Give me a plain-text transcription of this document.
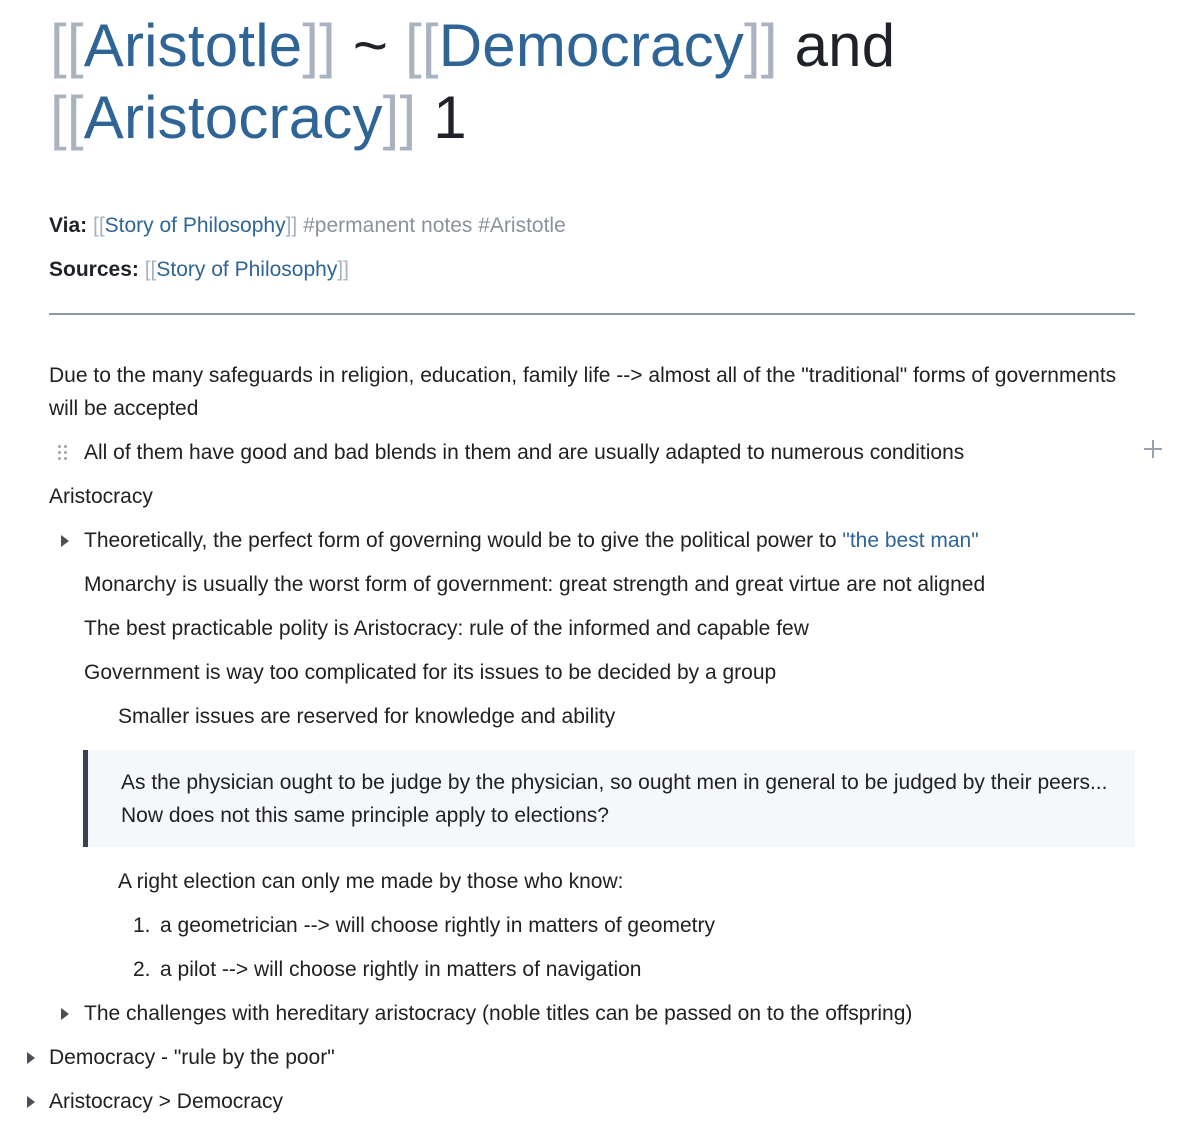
[[Aristotle]] ~ [[Democracy]] and
[[Aristocracy]] 1
Via: [[Story of Philosophy]] #permanent notes #Aristotle
Sources: [[Story of Philosophy]]
Due to the many safeguards in religion, education, family life --> almost all of the "traditional" forms of governments will be accepted
All of them have good and bad blends in them and are usually adapted to numerous conditions
Aristocracy
Theoretically, the perfect form of governing would be to give the political power to "the best man"
Monarchy is usually the worst form of government: great strength and great virtue are not aligned
The best practicable polity is Aristocracy: rule of the informed and capable few
Government is way too complicated for its issues to be decided by a group
Smaller issues are reserved for knowledge and ability
As the physician ought to be judge by the physician, so ought men in general to be judged by their peers... Now does not this same principle apply to elections?
A right election can only me made by those who know:
1. a geometrician --> will choose rightly in matters of geometry
2. a pilot --> will choose rightly in matters of navigation
The challenges with hereditary aristocracy (noble titles can be passed on to the offspring)
Democracy - "rule by the poor"
Aristocracy > Democracy
